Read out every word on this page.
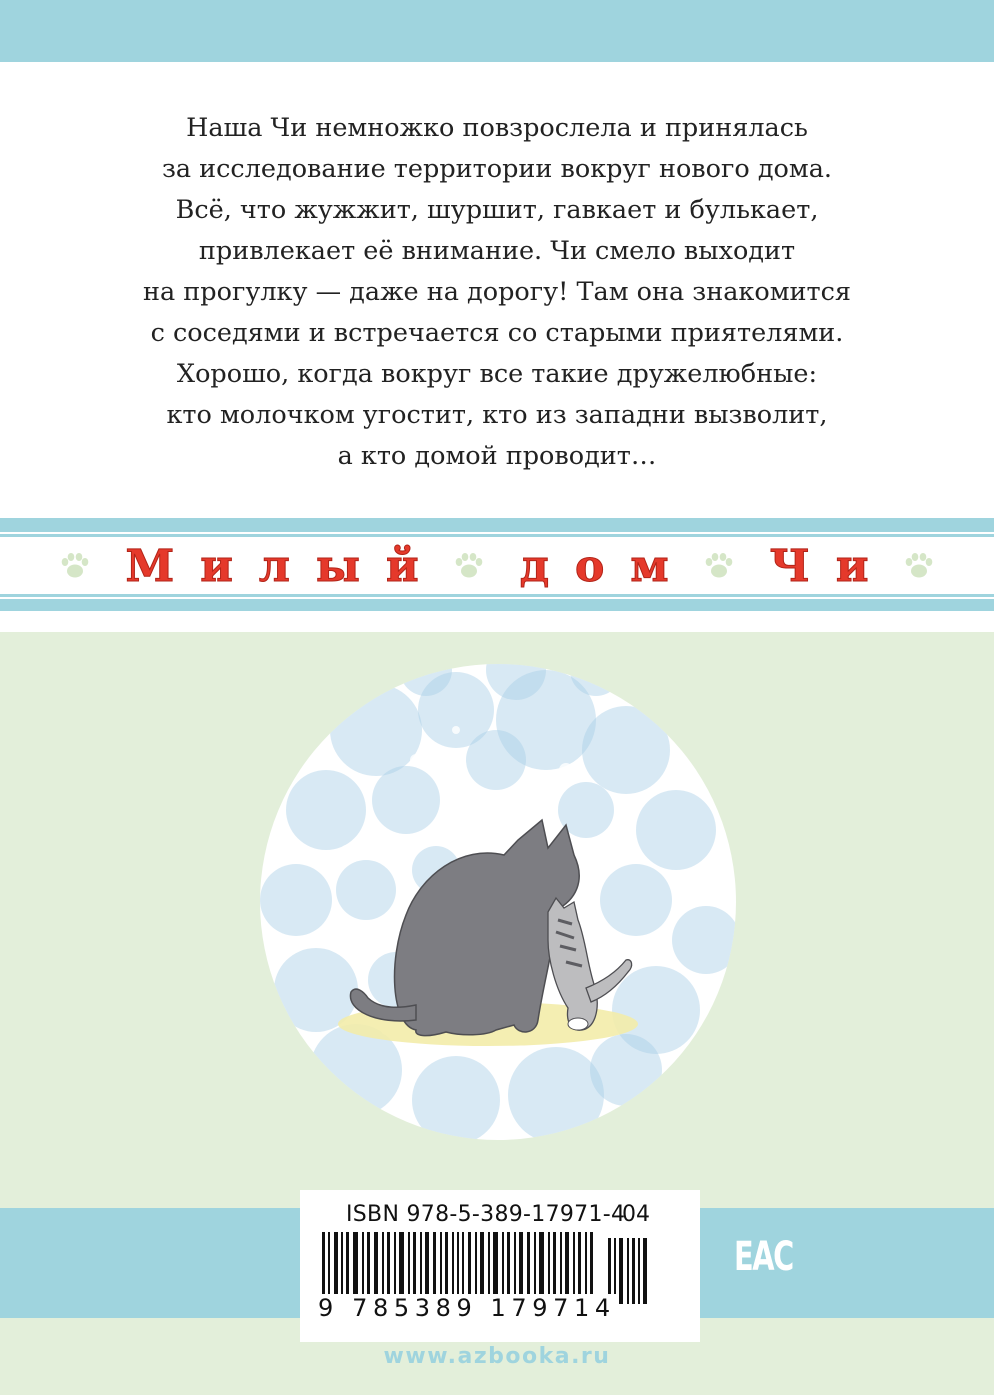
Наша Чи немножко повзрослела и принялась
за исследование территории вокруг нового дома.
Всё, что жужжит, шуршит, гавкает и булькает,
привлекает её внимание. Чи смело выходит
на прогулку — даже на дорогу! Там она знакомится
с соседями и встречается со старыми приятелями.
Хорошо, когда вокруг все такие дружелюбные:
кто молочком угостит, кто из западни вызволит,
а кто домой проводит…
М и л ы й д о м Ч и
ISBN 978-5-389-17971-4
04
9 785389 179714
EAC
www.azbooka.ru
